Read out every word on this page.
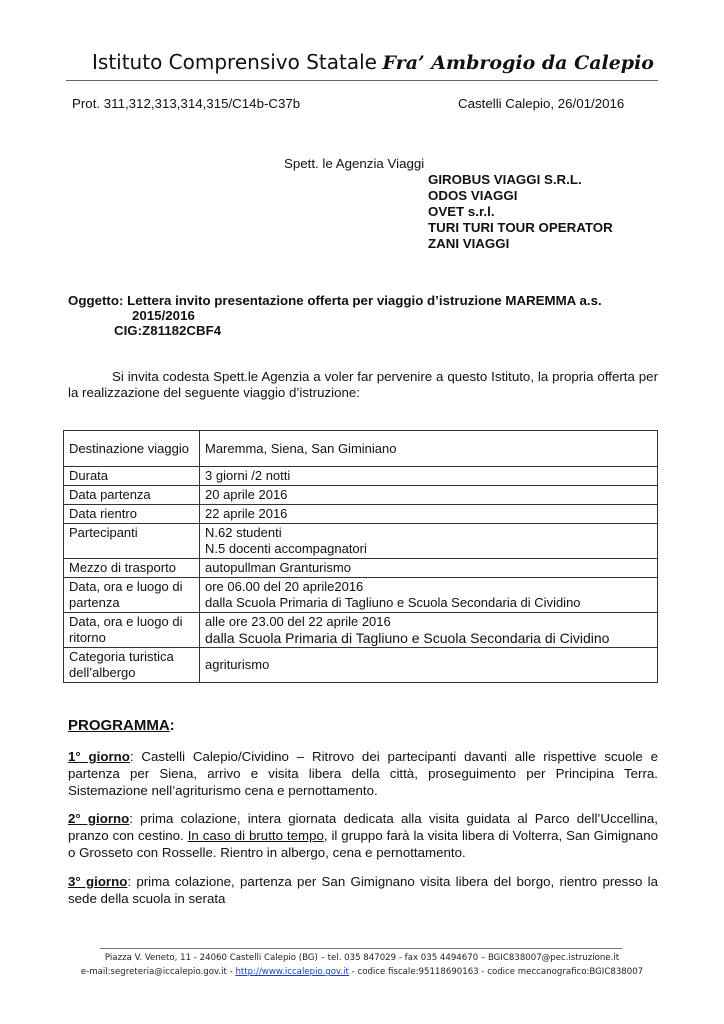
Istituto Comprensivo Statale Fra’ Ambrogio da Calepio
Prot. 311,312,313,314,315/C14b-C37b	Castelli Calepio, 26/01/2016
Spett. le Agenzia Viaggi
GIROBUS VIAGGI S.R.L.
ODOS VIAGGI
OVET s.r.l.
TURI TURI TOUR OPERATOR
ZANI VIAGGI
Oggetto: Lettera invito presentazione offerta per viaggio d’istruzione MAREMMA a.s.
2015/2016
CIG:Z81182CBF4
Si invita codesta Spett.le Agenzia a voler far pervenire a questo Istituto, la propria offerta per la realizzazione del seguente viaggio d’istruzione:
Destinazione viaggio	Maremma, Siena, San Giminiano
Durata	3 giorni /2 notti
Data partenza	20 aprile 2016
Data rientro	22 aprile 2016
Partecipanti	N.62 studenti
N.5 docenti accompagnatori

Mezzo di trasporto	autopullman Granturismo
Data, ora e luogo di partenza	ore 06.00 del 20 aprile2016
dalla Scuola Primaria di Tagliuno e Scuola Secondaria di Cividino

Data, ora e luogo di ritorno	alle ore 23.00 del 22 aprile 2016
dalla Scuola Primaria di Tagliuno e Scuola Secondaria di Cividino

Categoria turistica dell’albergo	agriturismo
PROGRAMMA:
1° giorno: Castelli Calepio/Cividino – Ritrovo dei partecipanti davanti alle rispettive scuole e partenza per Siena, arrivo e visita libera della città, proseguimento per Principina Terra. Sistemazione nell’agriturismo cena e pernottamento.
2° giorno: prima colazione, intera giornata dedicata alla visita guidata al Parco dell’Uccellina, pranzo con cestino. In caso di brutto tempo, il gruppo farà la visita libera di Volterra, San Gimignano o Grosseto con Rosselle. Rientro in albergo, cena e pernottamento.
3° giorno: prima colazione, partenza per San Gimignano visita libera del borgo, rientro presso la sede della scuola in serata
Piazza V. Veneto, 11 - 24060 Castelli Calepio (BG) – tel. 035 847029 - fax 035 4494670 – BGIC838007@pec.istruzione.it
e-mail:segreteria@iccalepio.gov.it - http://www.iccalepio.gov.it - codice fiscale:95118690163 - codice meccanografico:BGIC838007
